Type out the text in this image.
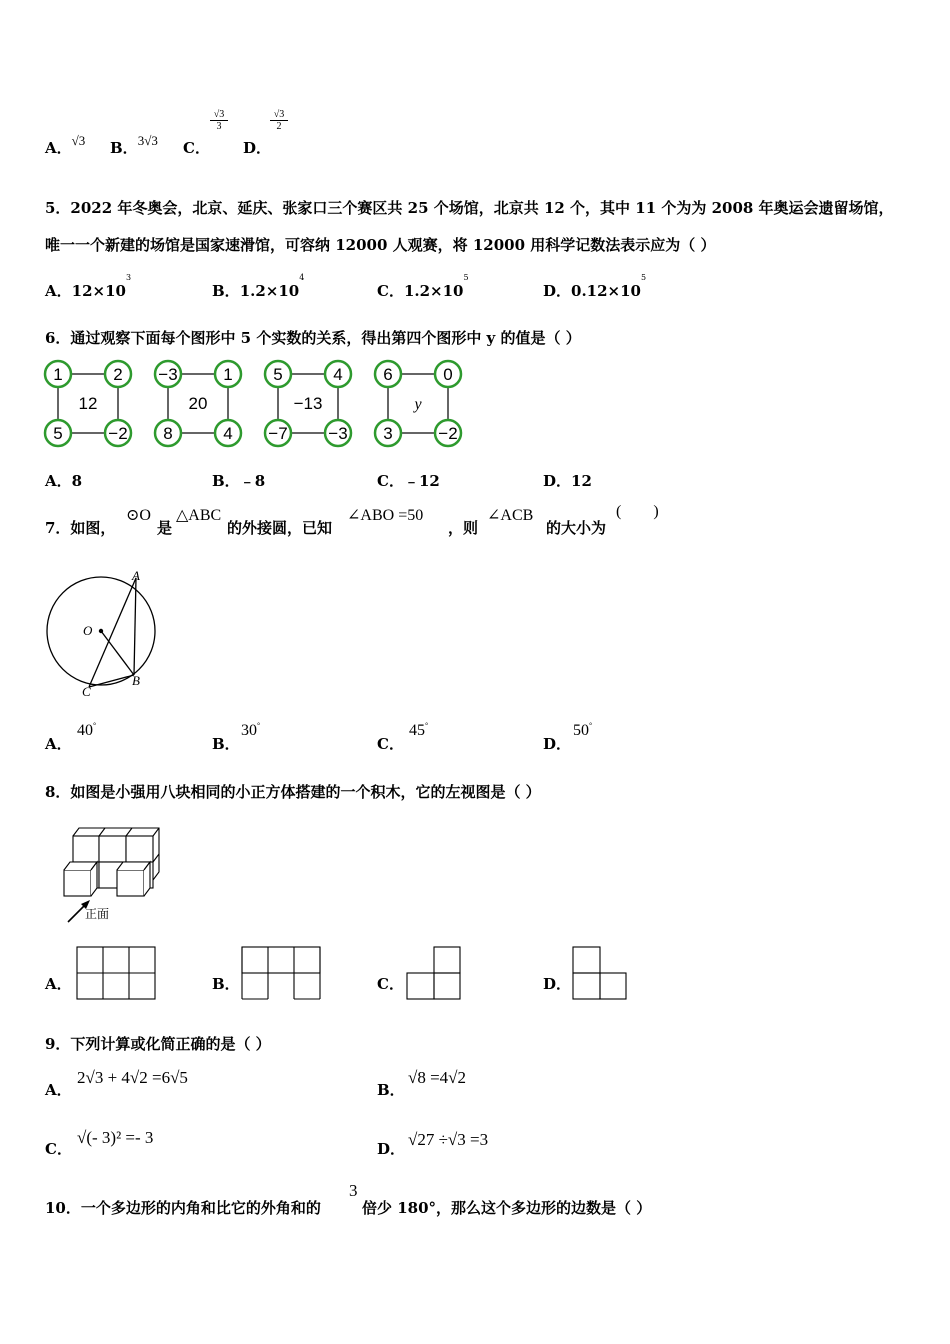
A．√3 B．3√3 C．
√3
3
D．
√3
2
5．2022 年冬奥会，北京、延庆、张家口三个赛区共 25 个场馆，北京共 12 个，其中 11 个为为 2008 年奥运会遗留场馆，
唯一一个新建的场馆是国家速滑馆，可容纳 12000 人观赛，将 12000 用科学记数法表示应为（ ）
A．$12\times 10^3$
B．$1.2\times 10^4$
C．$1.2\times 10^5$
D．$0.12\times 10^5$
6．通过观察下面每个图形中 5 个实数的关系，得出第四个图形中 y 的值是（ ）
1	2
5	−2
12
−3	1
8	4
20
5	4
−7 −3
−13
6	0
3	−2
y
A．8	B．﹣8	C．﹣12	D．12
7．如图，
⊙O
是
△ABC
的外接圆，已知
∠ABO =50
，则
∠ACB
的大小为
(        )
A
O
C
B
A．
40°
B．
30°
C．
45°
D．
50°
8．如图是小强用八块相同的小正方体搭建的一个积木，它的左视图是（ ）
正面
A．	B．	C．	D．
9．下列计算或化简正确的是（ ）
A．
2√3 + 4√2 =6√5
B．
√8 =4√2
C．
√(- 3)² =- 3
D． √27 ÷√3 =3
10．一个多边形的内角和比它的外角和的
3
倍少 180°，那么这个多边形的边数是（ ）
